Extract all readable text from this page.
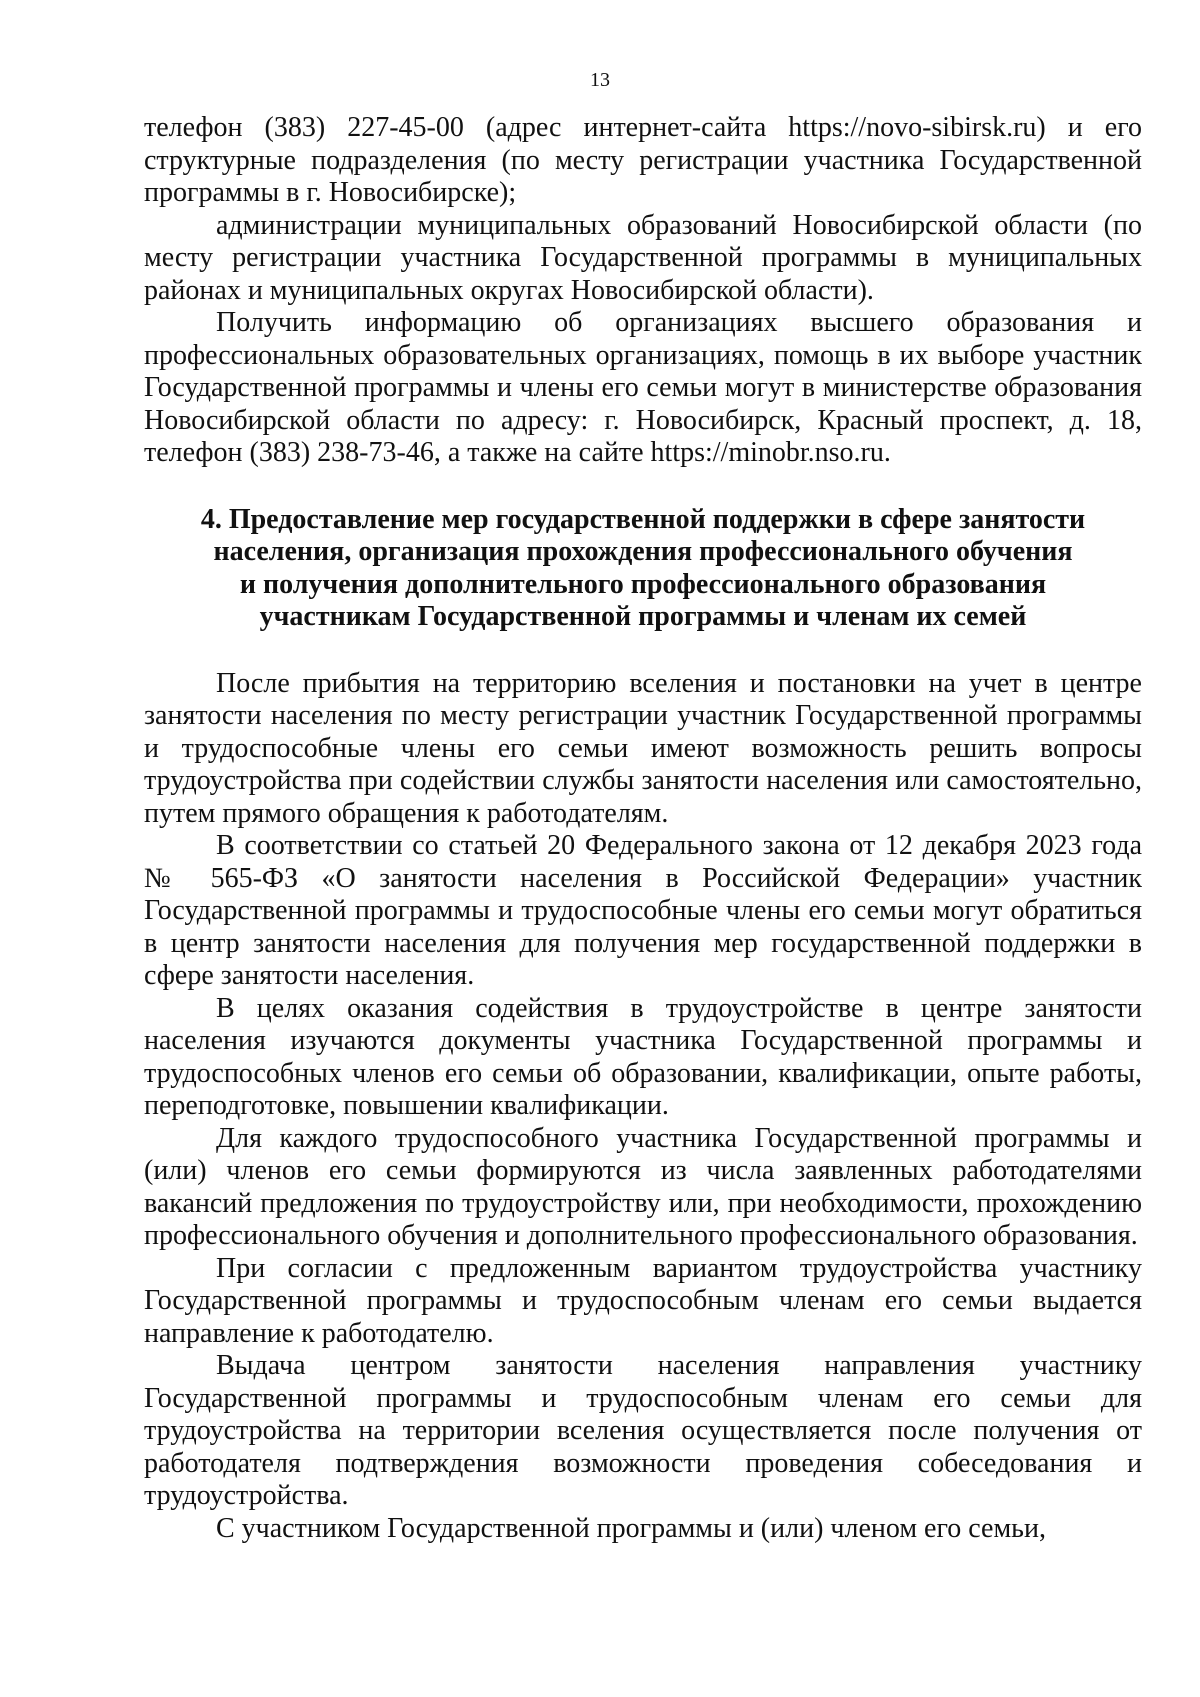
13

телефон (383) 227-45-00 (адрес интернет-сайта https://novo-sibirsk.ru) и его структурные подразделения (по месту регистрации участника Государственной программы в г. Новосибирске);

администрации муниципальных образований Новосибирской области (по месту регистрации участника Государственной программы в муниципальных районах и муниципальных округах Новосибирской области).

Получить информацию об организациях высшего образования и профессиональных образовательных организациях, помощь в их выборе участник Государственной программы и члены его семьи могут в министерстве образования Новосибирской области по адресу: г. Новосибирск, Красный проспект, д. 18, телефон (383) 238-73-46, а также на сайте https://minobr.nso.ru.

4. Предоставление мер государственной поддержки в сфере занятости
населения, организация прохождения профессионального обучения
и получения дополнительного профессионального образования
участникам Государственной программы и членам их семей

После прибытия на территорию вселения и постановки на учет в центре занятости населения по месту регистрации участник Государственной программы и трудоспособные члены его семьи имеют возможность решить вопросы трудоустройства при содействии службы занятости населения или самостоятельно, путем прямого обращения к работодателям.

В соответствии со статьей 20 Федерального закона от 12 декабря 2023 года № 565-ФЗ «О занятости населения в Российской Федерации» участник Государственной программы и трудоспособные члены его семьи могут обратиться в центр занятости населения для получения мер государственной поддержки в сфере занятости населения.

В целях оказания содействия в трудоустройстве в центре занятости населения изучаются документы участника Государственной программы и трудоспособных членов его семьи об образовании, квалификации, опыте работы, переподготовке, повышении квалификации.

Для каждого трудоспособного участника Государственной программы и (или) членов его семьи формируются из числа заявленных работодателями вакансий предложения по трудоустройству или, при необходимости, прохождению профессионального обучения и дополнительного профессионального образования.

При согласии с предложенным вариантом трудоустройства участнику Государственной программы и трудоспособным членам его семьи выдается направление к работодателю.

Выдача центром занятости населения направления участнику Государственной программы и трудоспособным членам его семьи для трудоустройства на территории вселения осуществляется после получения от работодателя подтверждения возможности проведения собеседования и трудоустройства.

С участником Государственной программы и (или) членом его семьи,
